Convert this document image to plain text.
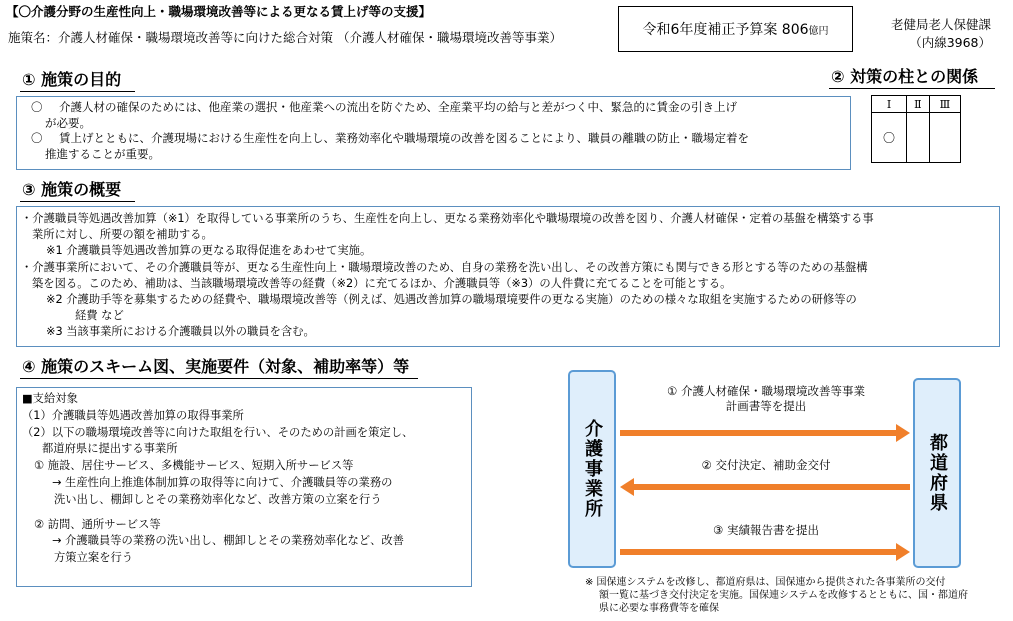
【〇介護分野の生産性向上・職場環境改善等による更なる賃上げ等の支援】
施策名：介護人材確保・職場環境改善等に向けた総合対策 （介護人材確保・職場環境改善等事業）	令和6年度補正予算案 806 億円	老健局老人保健課
（内線3968）
① 施策の目的
〇 介護人材の確保のためには、他産業の選択・他産業への流出を防ぐため、全産業平均の給与と差がつく中、緊急的に賃金の引き上げ
が必要。
〇 賃上げとともに、介護現場における生産性を向上し、業務効率化や職場環境の改善を図ることにより、職員の離職の防止・職場定着を
推進することが重要。
② 対策の柱との関係
Ⅰ	Ⅱ	Ⅲ
〇		
③ 施策の概要
・介護職員等処遇改善加算（※1）を取得している事業所のうち、生産性を向上し、更なる業務効率化や職場環境の改善を図り、介護人材確保・定着の基盤を構築する事
業所に対し、所要の額を補助する。
※1 介護職員等処遇改善加算の更なる取得促進をあわせて実施。
・介護事業所において、その介護職員等が、更なる生産性向上・職場環境改善のため、自身の業務を洗い出し、その改善方策にも関与できる形とする等のための基盤構
築を図る。このため、補助は、当該職場環境改善等の経費（※2）に充てるほか、介護職員等（※3）の人件費に充てることを可能とする。
※2 介護助手等を募集するための経費や、職場環境改善等（例えば、処遇改善加算の職場環境要件の更なる実施）のための様々な取組を実施するための研修等の
経費 など
※3 当該事業所における介護職員以外の職員を含む。
④ 施策のスキーム図、実施要件（対象、補助率等）等
■支給対象
（1）介護職員等処遇改善加算の取得事業所
（2）以下の職場環境改善等に向けた取組を行い、そのための計画を策定し、
都道府県に提出する事業所
① 施設、居住サービス、多機能サービス、短期入所サービス等
→ 生産性向上推進体制加算の取得等に向けて、介護職員等の業務の
洗い出し、棚卸しとその業務効率化など、改善方策の立案を行う
② 訪問、通所サービス等
→ 介護職員等の業務の洗い出し、棚卸しとその業務効率化など、改善
方策立案を行う
介護事業所	都道府県
① 介護人材確保・職場環境改善等事業
計画書等を提出
② 交付決定、補助金交付
③ 実績報告書を提出
※ 国保連システムを改修し、都道府県は、国保連から提供された各事業所の交付
額一覧に基づき交付決定を実施。国保連システムを改修するとともに、国・都道府
県に必要な事務費等を確保
